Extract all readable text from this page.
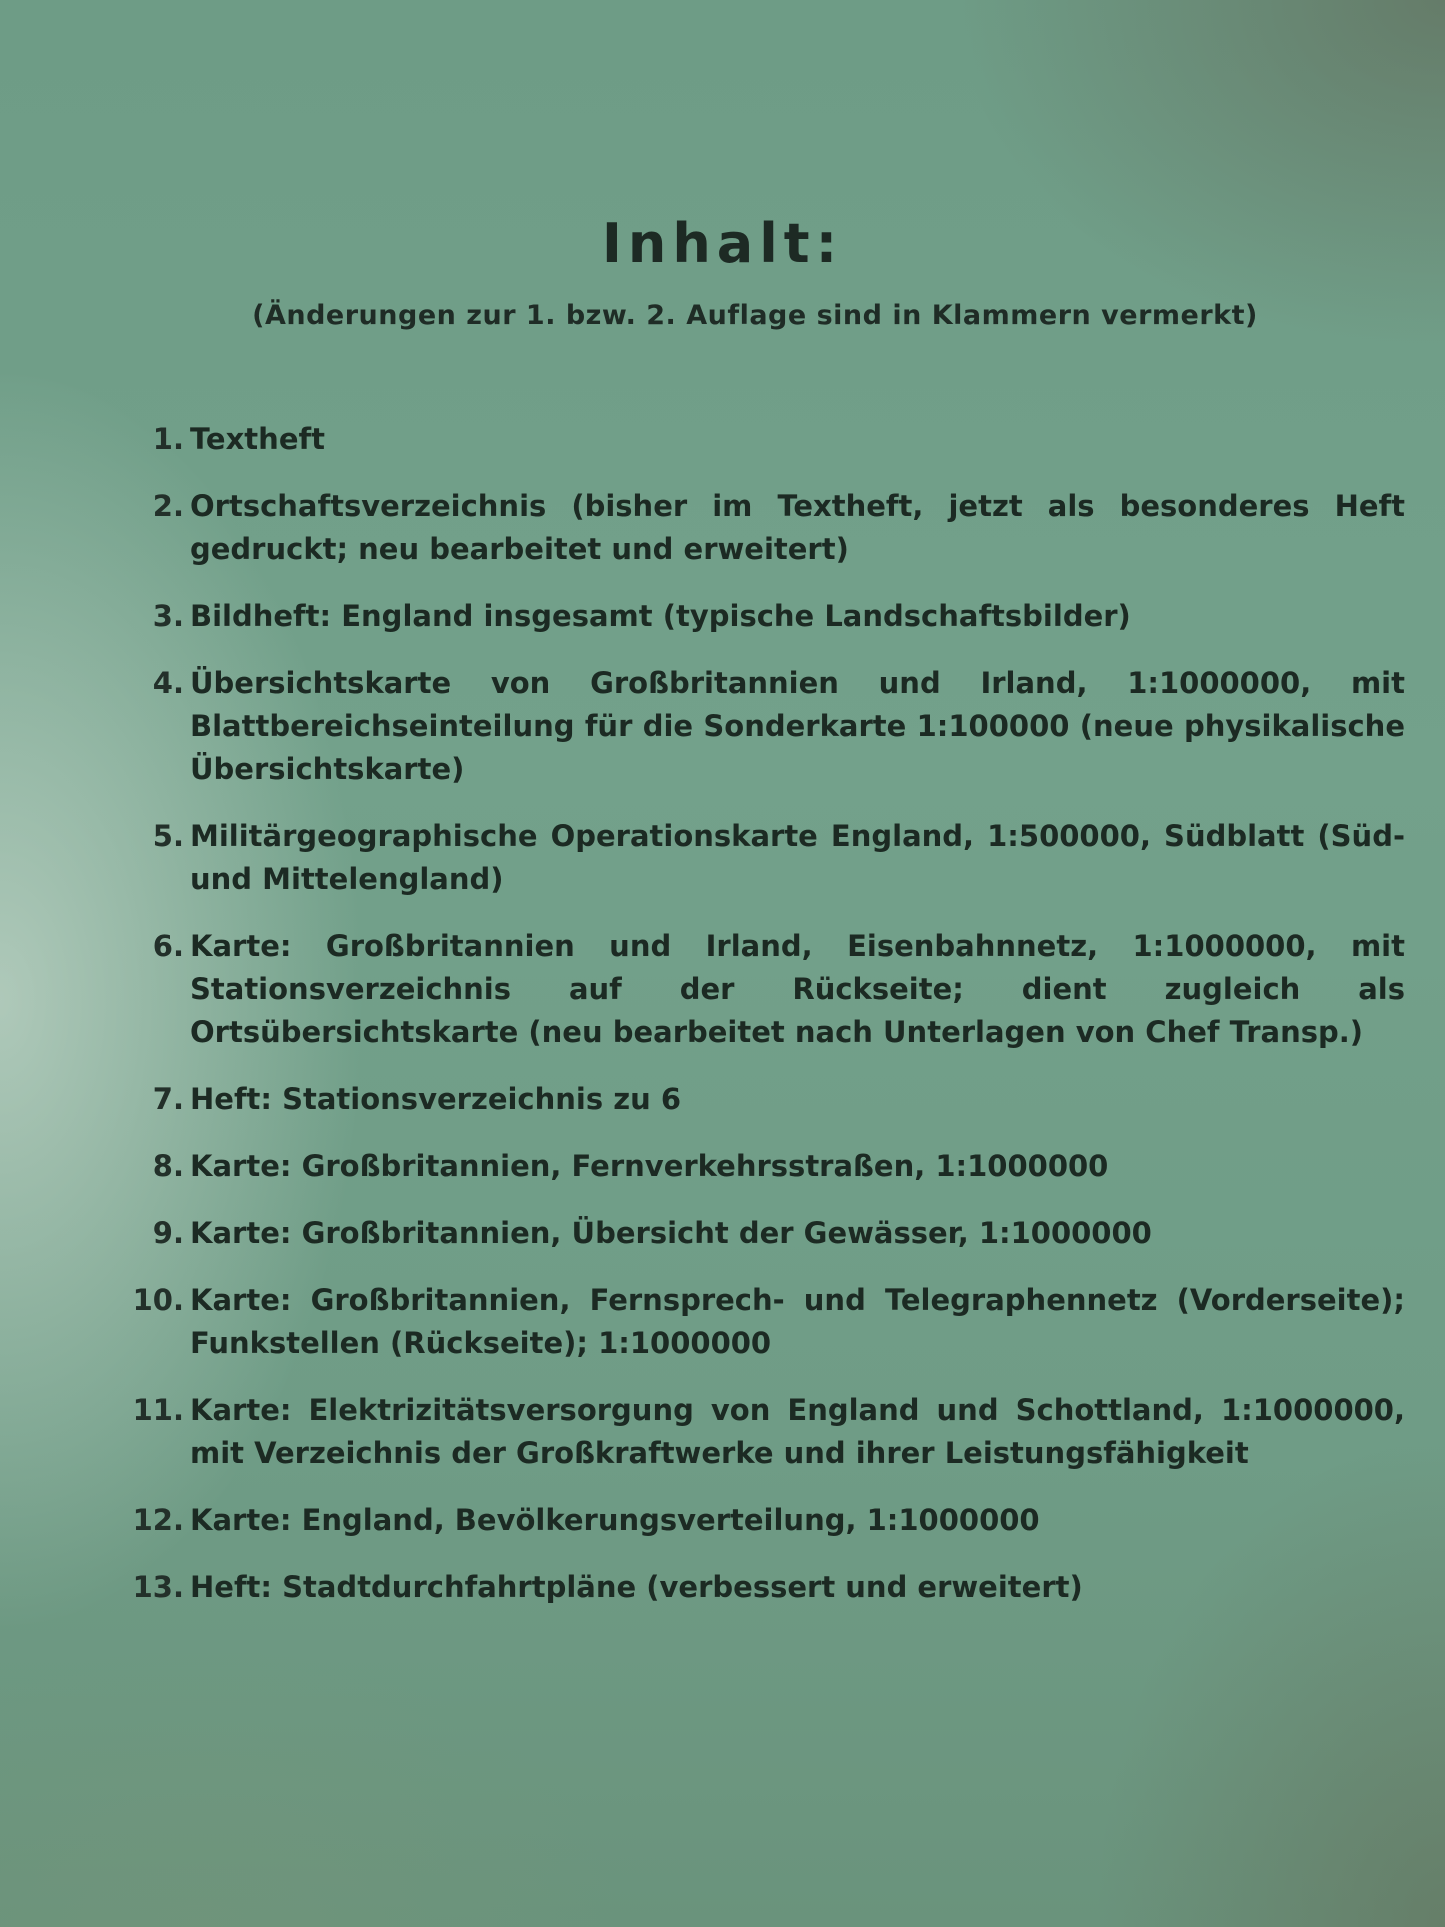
Inhalt:
(Änderungen zur 1. bzw. 2. Auflage sind in Klammern vermerkt)
1. Textheft
2. Ortschaftsverzeichnis (bisher im Textheft, jetzt als besonderes Heft gedruckt; neu bearbeitet und erweitert)
3. Bildheft: England insgesamt (typische Landschaftsbilder)
4. Übersichtskarte von Großbritannien und Irland, 1:1000000, mit Blattbereichseinteilung für die Sonderkarte 1:100000 (neue physikalische Übersichtskarte)
5. Militärgeographische Operationskarte England, 1:500000, Südblatt (Süd- und Mittelengland)
6. Karte: Großbritannien und Irland, Eisenbahnnetz, 1:1000000, mit Stationsverzeichnis auf der Rückseite; dient zugleich als Ortsübersichtskarte (neu bearbeitet nach Unterlagen von Chef Transp.)
7. Heft: Stationsverzeichnis zu 6
8. Karte: Großbritannien, Fernverkehrsstraßen, 1:1000000
9. Karte: Großbritannien, Übersicht der Gewässer, 1:1000000
10. Karte: Großbritannien, Fernsprech- und Telegraphennetz (Vorderseite); Funkstellen (Rückseite); 1:1000000
11. Karte: Elektrizitätsversorgung von England und Schottland, 1:1000000, mit Verzeichnis der Großkraftwerke und ihrer Leistungsfähigkeit
12. Karte: England, Bevölkerungsverteilung, 1:1000000
13. Heft: Stadtdurchfahrtpläne (verbessert und erweitert)
